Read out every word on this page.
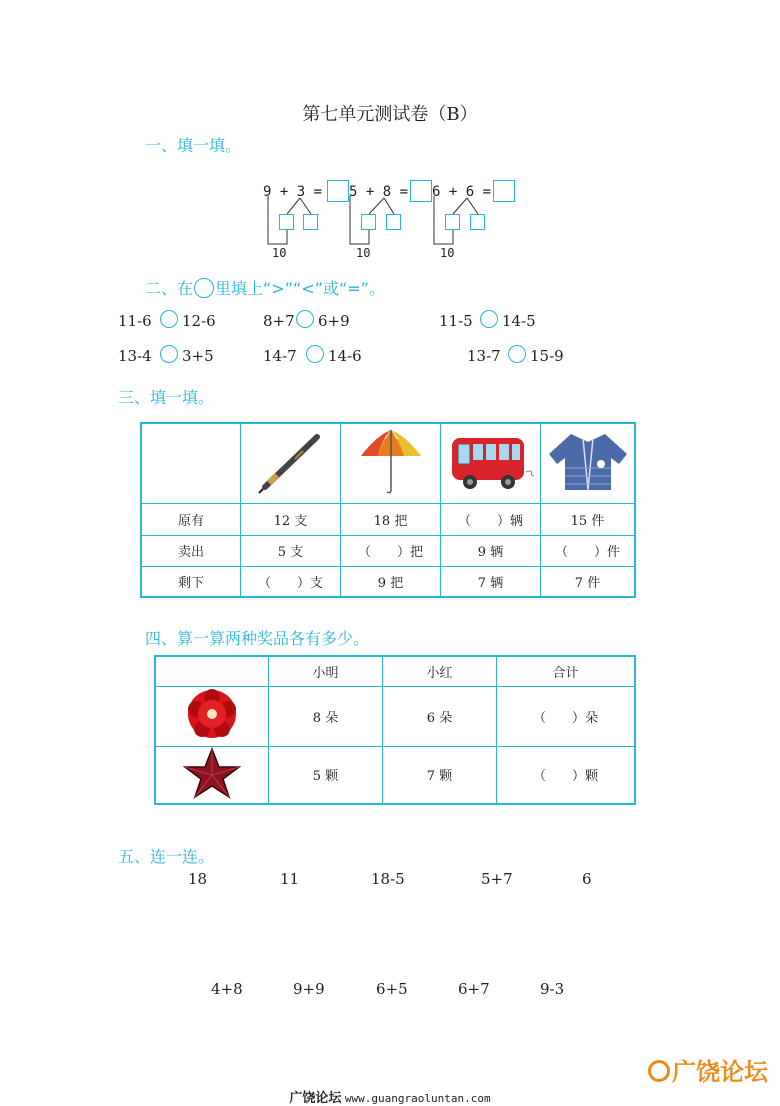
第七单元测试卷（B）
一、填一填。
9 + 3 =
10
5 + 8 =
10
6 + 6 =
10
二、在 里填上“>”“<”或“=”。
11-6 12-6	8+7 6+9	11-5 14-5
13-4 3+5	14-7 14-6	13-7 15-9
三、填一填。

原有	12 支	18 把	（　　）辆	15 件
卖出	5 支	（　　）把	9 辆	（　　）件
剩下	（　　）支	9 把	7 辆	7 件
四、算一算两种奖品各有多少。
	小明	小红	合计
	8 朵	6 朵	（　　）朵
	5 颗	7 颗	（　　）颗
五、连一连。
18	11	18-5	5+7	6
4+8	9+9	6+5	6+7	9-3
广饶论坛
广饶论坛 www.guangraoluntan.com
